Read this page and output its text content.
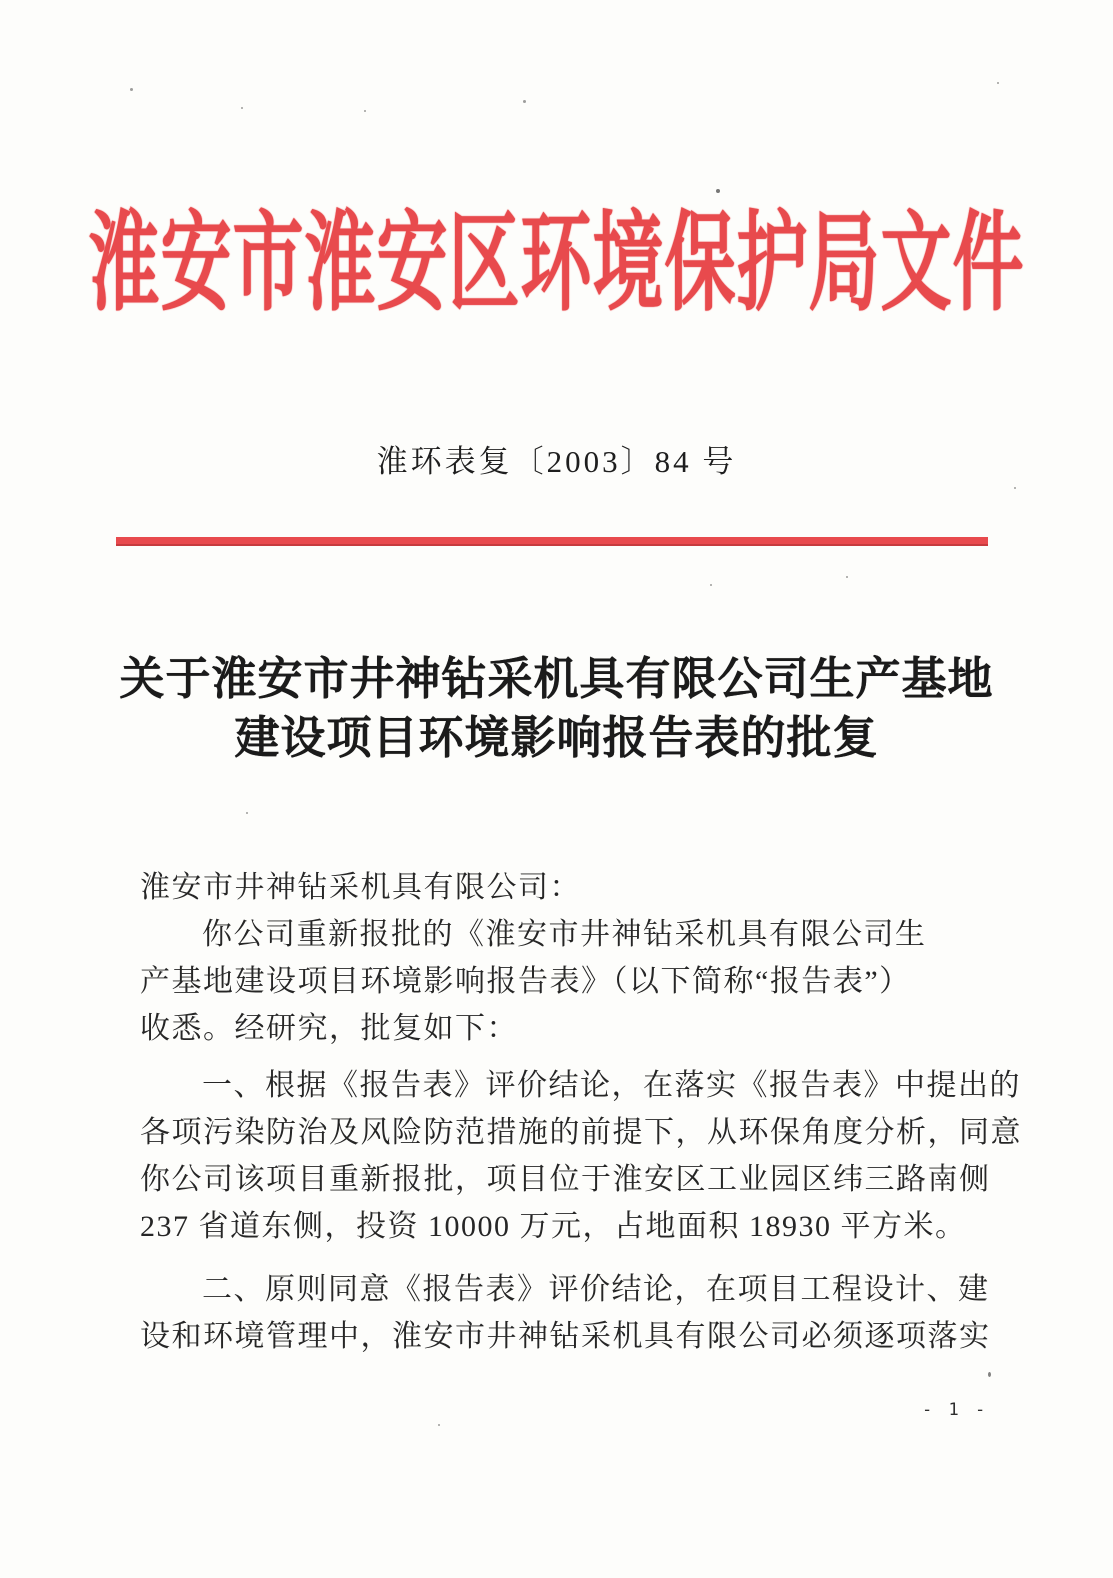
淮安市淮安区环境保护局文件
淮环表复〔2003〕84 号
关于淮安市井神钻采机具有限公司生产基地
建设项目环境影响报告表的批复
淮安市井神钻采机具有限公司：
你公司重新报批的《淮安市井神钻采机具有限公司生
产基地建设项目环境影响报告表》（以下简称“报告表”）
收悉。经研究，批复如下：
一、根据《报告表》评价结论，在落实《报告表》中提出的
各项污染防治及风险防范措施的前提下，从环保角度分析，同意
你公司该项目重新报批，项目位于淮安区工业园区纬三路南侧
237 省道东侧，投资 10000 万元，占地面积 18930 平方米。
二、原则同意《报告表》评价结论，在项目工程设计、建
设和环境管理中，淮安市井神钻采机具有限公司必须逐项落实
- 1 -
